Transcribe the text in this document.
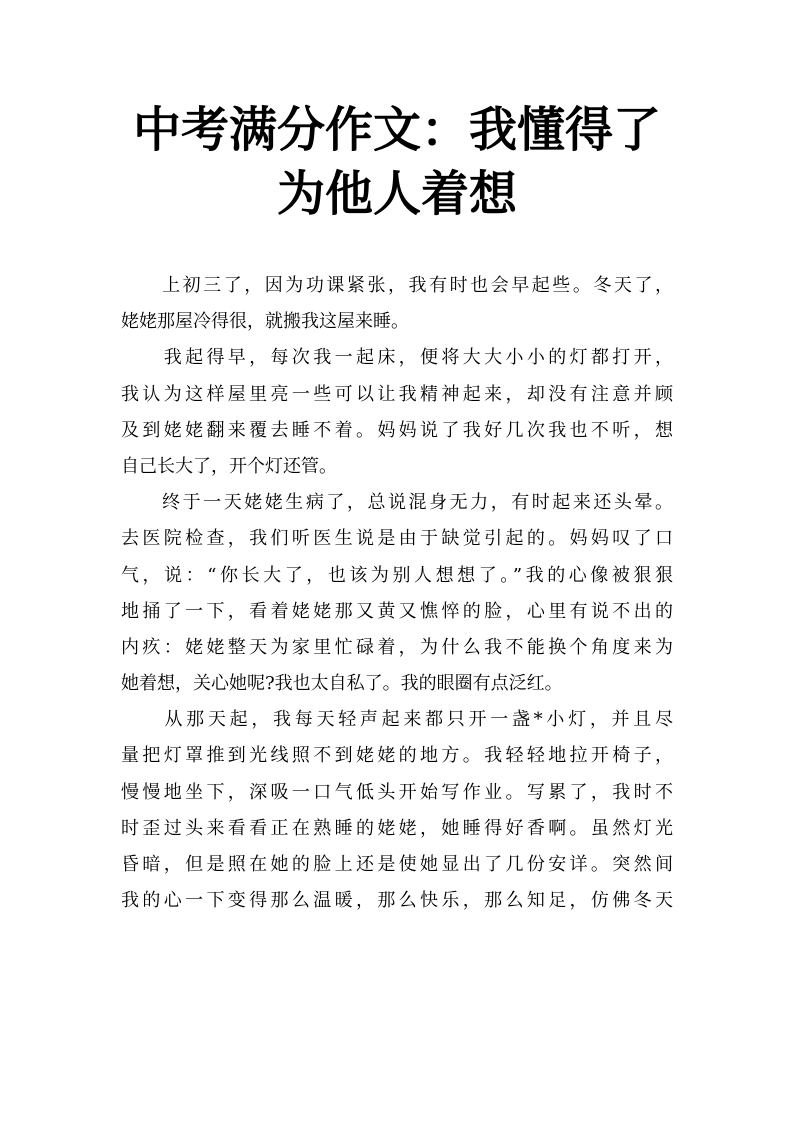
中考满分作文：我懂得了
为他人着想
　　上初三了，因为功课紧张，我有时也会早起些。冬天了，
姥姥那屋冷得很，就搬我这屋来睡。
　　我起得早，每次我一起床，便将大大小小的灯都打开，
我认为这样屋里亮一些可以让我精神起来，却没有注意并顾
及到姥姥翻来覆去睡不着。妈妈说了我好几次我也不听，想
自己长大了，开个灯还管。
　　终于一天姥姥生病了，总说混身无力，有时起来还头晕。
去医院检查，我们听医生说是由于缺觉引起的。妈妈叹了口
气，说：“你长大了，也该为别人想想了。”我的心像被狠狠
地捅了一下，看着姥姥那又黄又憔悴的脸，心里有说不出的
内疚：姥姥整天为家里忙碌着，为什么我不能换个角度来为
她着想，关心她呢?我也太自私了。我的眼圈有点泛红。
　　从那天起，我每天轻声起来都只开一盏*小灯，并且尽
量把灯罩推到光线照不到姥姥的地方。我轻轻地拉开椅子，
慢慢地坐下，深吸一口气低头开始写作业。写累了，我时不
时歪过头来看看正在熟睡的姥姥，她睡得好香啊。虽然灯光
昏暗，但是照在她的脸上还是使她显出了几份安详。突然间
我的心一下变得那么温暖，那么快乐，那么知足，仿佛冬天
